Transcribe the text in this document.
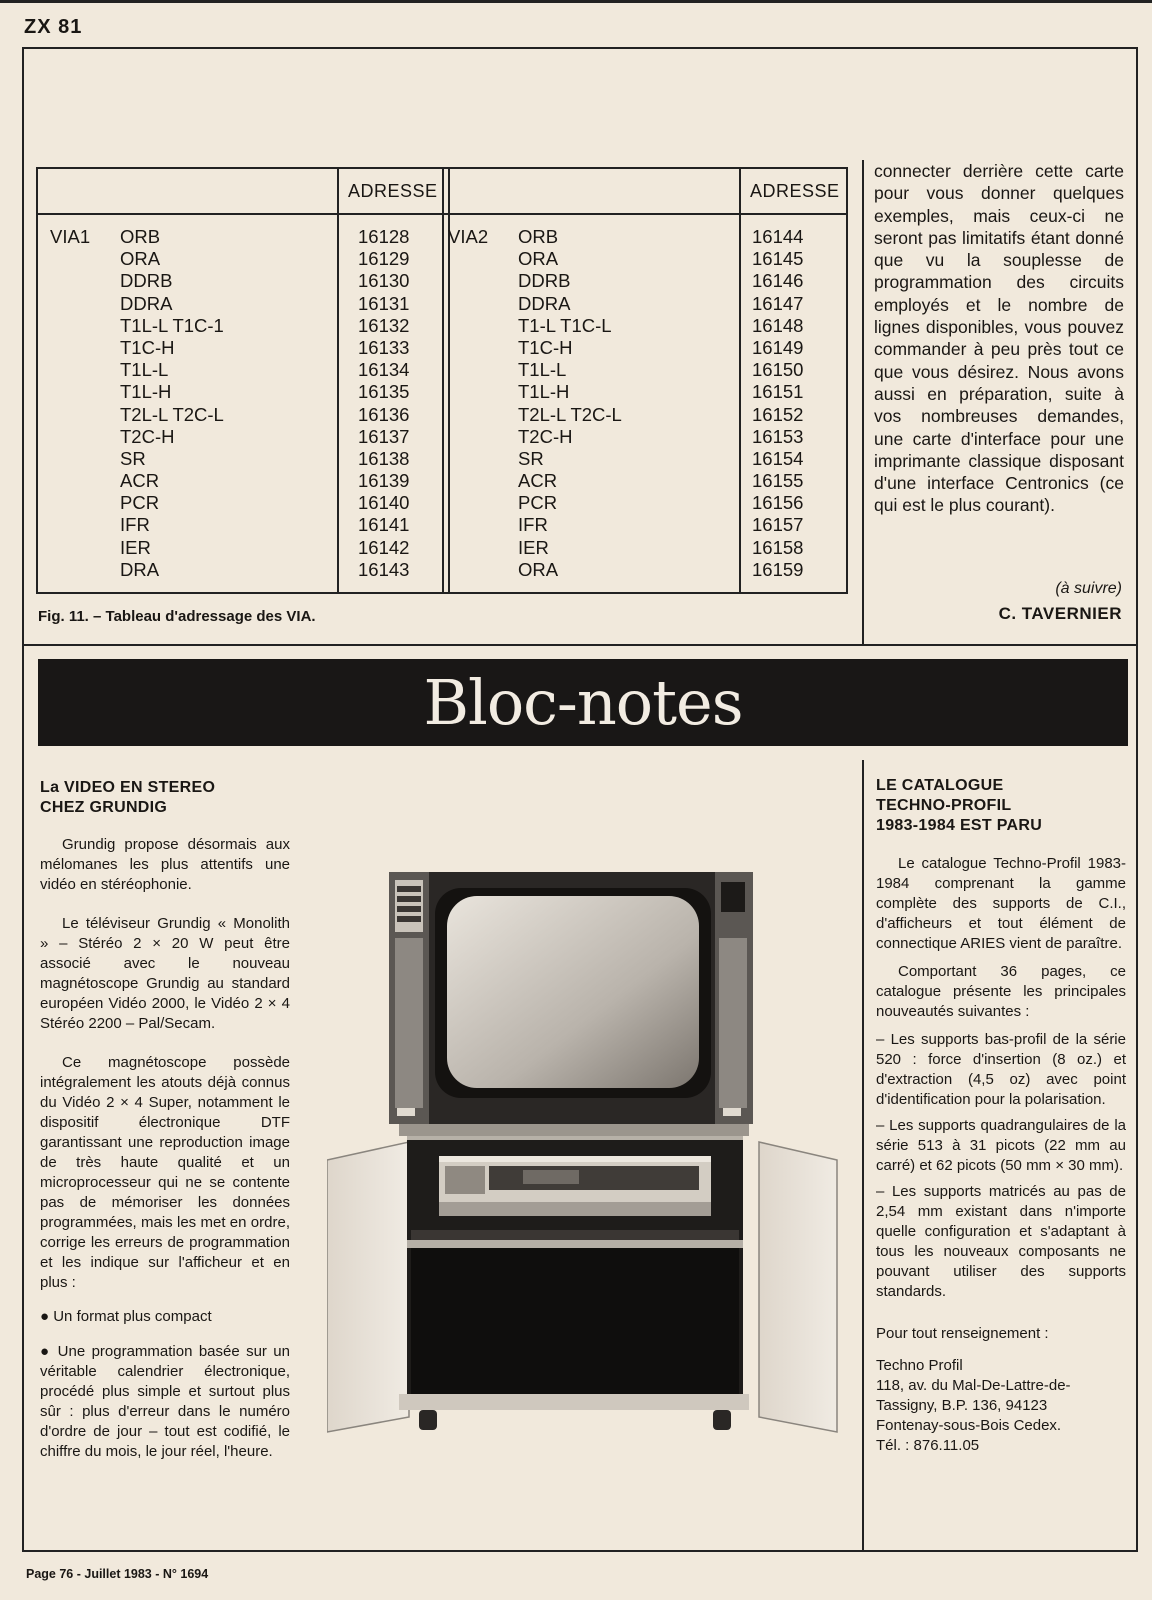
ZX 81
ADRESSE	ADRESSE
VIA1 ORB
ORA
DDRB
DDRA
T1L-L T1C-1
T1C-H
T1L-L
T1L-H
T2L-L T2C-L
T2C-H
SR
ACR
PCR
IFR
IER
DRA
16128
16129
16130
16131
16132
16133
16134
16135
16136
16137
16138
16139
16140
16141
16142
16143
VIA2 ORB
ORA
DDRB
DDRA
T1-L T1C-L
T1C-H
T1L-L
T1L-H
T2L-L T2C-L
T2C-H
SR
ACR
PCR
IFR
IER
ORA
16144
16145
16146
16147
16148
16149
16150
16151
16152
16153
16154
16155
16156
16157
16158
16159
Fig. 11. – Tableau d'adressage des VIA.
connecter derrière cette carte pour vous donner quelques exemples, mais ceux-ci ne seront pas limitatifs étant donné que vu la souplesse de programmation des circuits employés et le nombre de lignes disponibles, vous pouvez commander à peu près tout ce que vous désirez. Nous avons aussi en préparation, suite à vos nombreuses demandes, une carte d'interface pour une imprimante classique disposant d'une interface Centronics (ce qui est le plus courant).
(à suivre)
C. TAVERNIER
Bloc-notes
La VIDEO EN STEREO
CHEZ GRUNDIG

Grundig propose désormais aux mélomanes les plus attentifs une vidéo en stéréophonie.

Le téléviseur Grundig « Monolith » – Stéréo 2 × 20 W peut être associé avec le nouveau magnétoscope Grundig au standard européen Vidéo 2000, le Vidéo 2 × 4 Stéréo 2200 – Pal/Secam.

Ce magnétoscope possède intégralement les atouts déjà connus du Vidéo 2 × 4 Super, notamment le dispositif électronique DTF garantissant une reproduction image de très haute qualité et un microprocesseur qui ne se contente pas de mémoriser les données programmées, mais les met en ordre, corrige les erreurs de programmation et les indique sur l'afficheur et en plus :

● Un format plus compact

● Une programmation basée sur un véritable calendrier électronique, procédé plus simple et surtout plus sûr : plus d'erreur dans le numéro d'ordre de jour – tout est codifié, le chiffre du mois, le jour réel, l'heure.

LE CATALOGUE
TECHNO-PROFIL
1983-1984 EST PARU

Le catalogue Techno-Profil 1983-1984 comprenant la gamme complète des supports de C.I., d'afficheurs et tout élément de connectique ARIES vient de paraître.

Comportant 36 pages, ce catalogue présente les principales nouveautés suivantes :

– Les supports bas-profil de la série 520 : force d'insertion (8 oz.) et d'extraction (4,5 oz) avec point d'identification pour la polarisation.

– Les supports quadrangulaires de la série 513 à 31 picots (22 mm au carré) et 62 picots (50 mm × 30 mm).

– Les supports matricés au pas de 2,54 mm existant dans n'importe quelle configuration et s'adaptant à tous les nouveaux composants ne pouvant utiliser des supports standards.

Pour tout renseignement :

Techno Profil

118, av. du Mal-De-Lattre-de-

Tassigny, B.P. 136, 94123

Fontenay-sous-Bois Cedex.

Tél. : 876.11.05

Page 76 - Juillet 1983 - N° 1694
